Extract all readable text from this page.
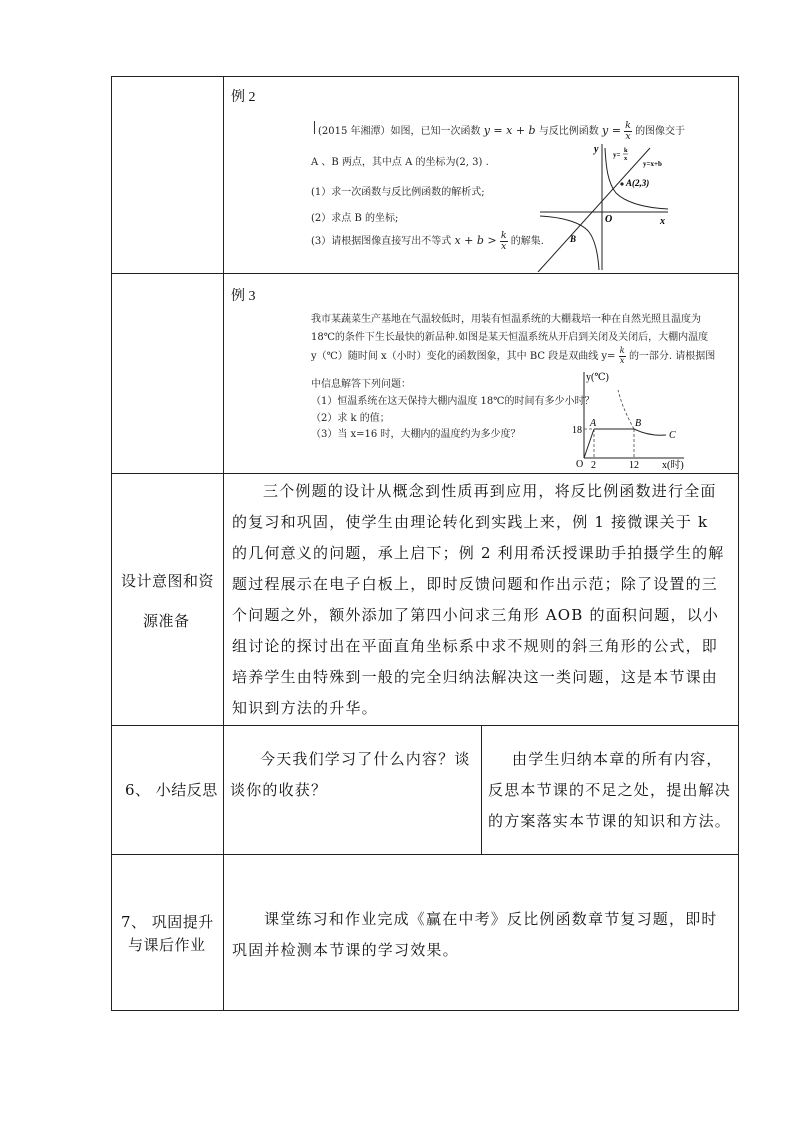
例 2
(2015 年湘潭）如图，已知一次函数 y = x + b 与反比例函数 $y = \frac{k}{x}$ 的图像交于
A 、B 两点，其中点 A 的坐标为(2, 3) .
(1）求一次函数与反比例函数的解析式;
(2）求点 B 的坐标;
(3）请根据图像直接写出不等式 $x + b > \frac{k}{x}$ 的解集.
y
x
O
y=
k
x
y=x+b
A(2,3)
B
例 3
我市某蔬菜生产基地在气温较低时，用装有恒温系统的大棚栽培一种在自然光照且温度为
18℃的条件下生长最快的新品种.如图是某天恒温系统从开启到关闭及关闭后，大棚内温度
y（℃）随时间 x（小时）变化的函数图象，其中 BC 段是双曲线 $y= \frac{k}{x}$ 的一部分. 请根据图
中信息解答下列问题：
（1）恒温系统在这天保持大棚内温度 18℃的时间有多少小时？
（2）求 k 的值；
（3）当 x=16 时，大棚内的温度约为多少度？
y(℃)
x(时)
O
18
2	12
A	B
C
设计意图和资
源准备
三个例题的设计从概念到性质再到应用，将反比例函数进行全面的复习和巩固，使学生由理论转化到实践上来，例 1 接微课关于 k 的几何意义的问题，承上启下；例 2 利用希沃授课助手拍摄学生的解题过程展示在电子白板上，即时反馈问题和作出示范；除了设置的三个问题之外，额外添加了第四小问求三角形 AOB 的面积问题，以小组讨论的探讨出在平面直角坐标系中求不规则的斜三角形的公式，即培养学生由特殊到一般的完全归纳法解决这一类问题，这是本节课由知识到方法的升华。
6、 小结反思
今天我们学习了什么内容？谈谈你的收获？
由学生归纳本章的所有内容，反思本节课的不足之处，提出解决的方案落实本节课的知识和方法。
7、 巩固提升
与课后作业
课堂练习和作业完成《赢在中考》反比例函数章节复习题，即时巩固并检测本节课的学习效果。
